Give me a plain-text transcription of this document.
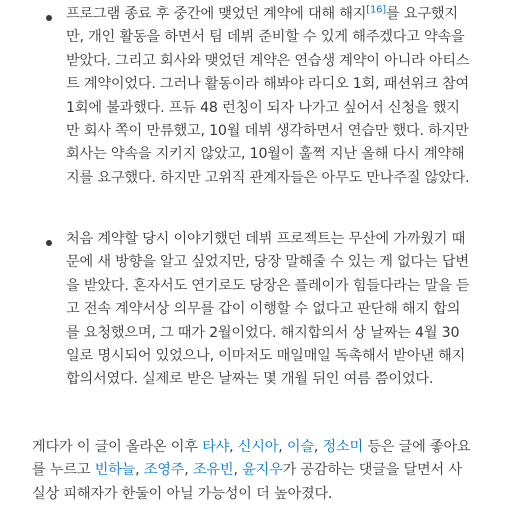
프로그램 종료 후 중간에 맺었던 계약에 대해 해지[16]를 요구했지
만, 개인 활동을 하면서 팀 데뷔 준비할 수 있게 해주겠다고 약속을
받았다. 그리고 회사와 맺었던 계약은 연습생 계약이 아니라 아티스
트 계약이었다. 그러나 활동이라 해봐야 라디오 1회, 패션위크 참여
1회에 불과했다. 프듀 48 런칭이 되자 나가고 싶어서 신청을 했지
만 회사 쪽이 만류했고, 10월 데뷔 생각하면서 연습만 했다. 하지만
회사는 약속을 지키지 않았고, 10월이 훌쩍 지난 올해 다시 계약해
지를 요구했다. 하지만 고위직 관계자들은 아무도 만나주질 않았다.

처음 계약할 당시 이야기했던 데뷔 프로젝트는 무산에 가까웠기 때
문에 새 방향을 알고 싶었지만, 당장 말해줄 수 있는 게 없다는 답변
을 받았다. 혼자서도 연기로도 당장은 플레이가 힘들다라는 말을 듣
고 전속 계약서상 의무를 갑이 이행할 수 없다고 판단해 해지 합의
를 요청했으며, 그 때가 2월이었다. 해지합의서 상 날짜는 4월 30
일로 명시되어 있었으나, 이마저도 매일매일 독촉해서 받아낸 해지
합의서였다. 실제로 받은 날짜는 몇 개월 뒤인 여름 쯤이었다.

게다가 이 글이 올라온 이후 타샤, 신시아, 이슬, 정소미 등은 글에 좋아요
를 누르고 빈하늘, 조영주, 조유빈, 윤지우가 공감하는 댓글을 달면서 사
실상 피해자가 한둘이 아닐 가능성이 더 높아졌다.
